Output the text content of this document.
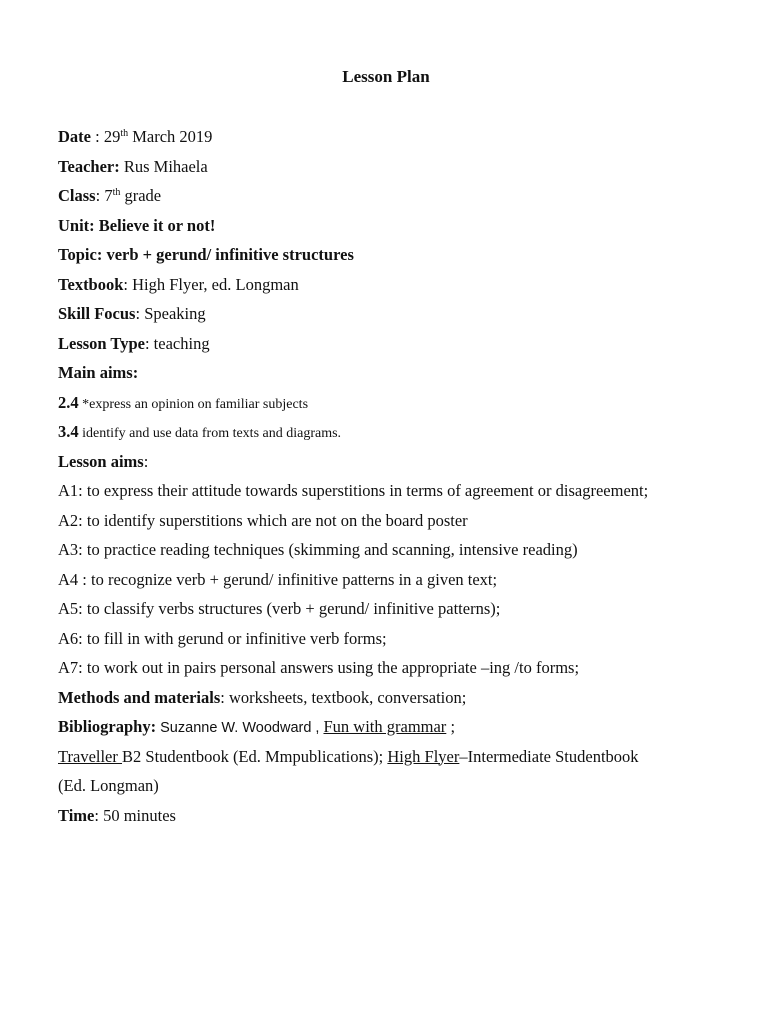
Lesson Plan
Date : 29th March 2019
Teacher: Rus Mihaela
Class: 7th grade
Unit: Believe it or not!
Topic: verb + gerund/ infinitive structures
Textbook: High Flyer, ed. Longman
Skill Focus: Speaking
Lesson Type: teaching
Main aims:
2.4 *express an opinion on familiar subjects
3.4 identify and use data from texts and diagrams.
Lesson aims:
A1: to express their attitude towards superstitions in terms of agreement or disagreement;
A2: to identify superstitions which are not on the board poster
A3: to practice reading techniques (skimming and scanning, intensive reading)
A4 : to recognize verb + gerund/ infinitive patterns in a given text;
A5: to classify verbs structures (verb + gerund/ infinitive patterns);
A6: to fill in with gerund or infinitive verb forms;
A7: to work out in pairs personal answers using the appropriate –ing /to forms;
Methods and materials: worksheets, textbook, conversation;
Bibliography: Suzanne W. Woodward , Fun with grammar ;
Traveller B2 Studentbook (Ed. Mmpublications); High Flyer–Intermediate Studentbook
(Ed. Longman)
Time: 50 minutes
